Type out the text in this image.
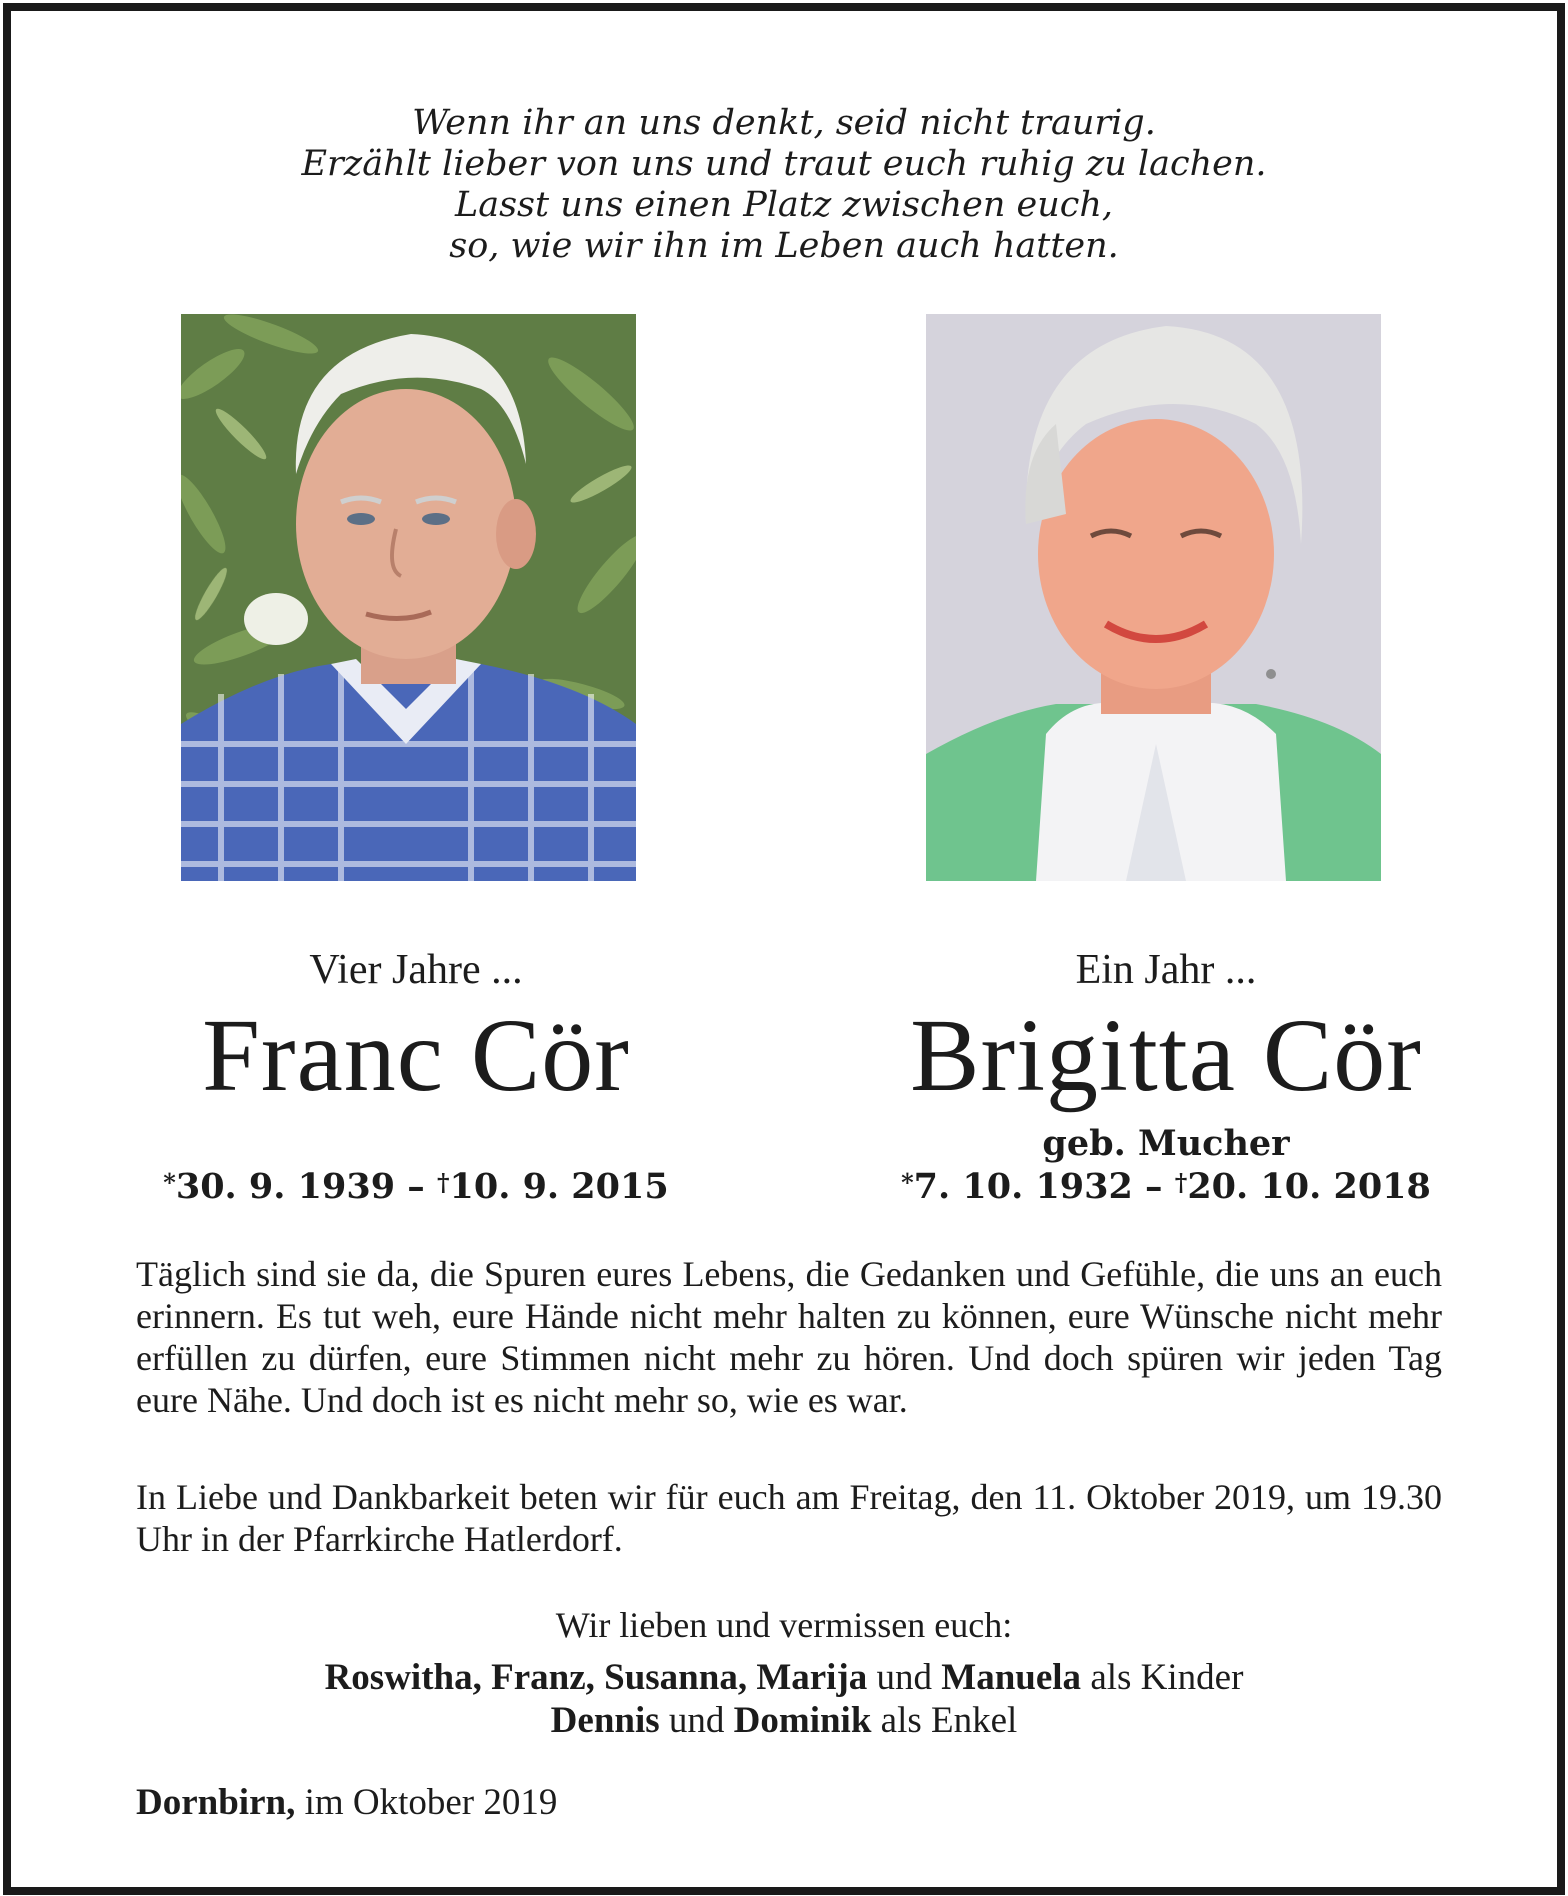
Wenn ihr an uns denkt, seid nicht traurig.
Erzählt lieber von uns und traut euch ruhig zu lachen.
Lasst uns einen Platz zwischen euch,
so, wie wir ihn im Leben auch hatten.
Vier Jahre ...
Franc Cör
*30. 9. 1939 – †10. 9. 2015
Ein Jahr ...
Brigitta Cör
geb. Mucher
*7. 10. 1932 – †20. 10. 2018
Täglich sind sie da, die Spuren eures Lebens, die Gedanken und Gefühle, die uns an euch erinnern. Es tut weh, eure Hände nicht mehr halten zu können, eure Wünsche nicht mehr erfüllen zu dürfen, eure Stimmen nicht mehr zu hören. Und doch spüren wir jeden Tag eure Nähe. Und doch ist es nicht mehr so, wie es war.
In Liebe und Dankbarkeit beten wir für euch am Freitag, den 11. Oktober 2019, um 19.30 Uhr in der Pfarrkirche Hatlerdorf.
Wir lieben und vermissen euch:
Roswitha, Franz, Susanna, Marija und Manuela als Kinder
Dennis und Dominik als Enkel
Dornbirn, im Oktober 2019
